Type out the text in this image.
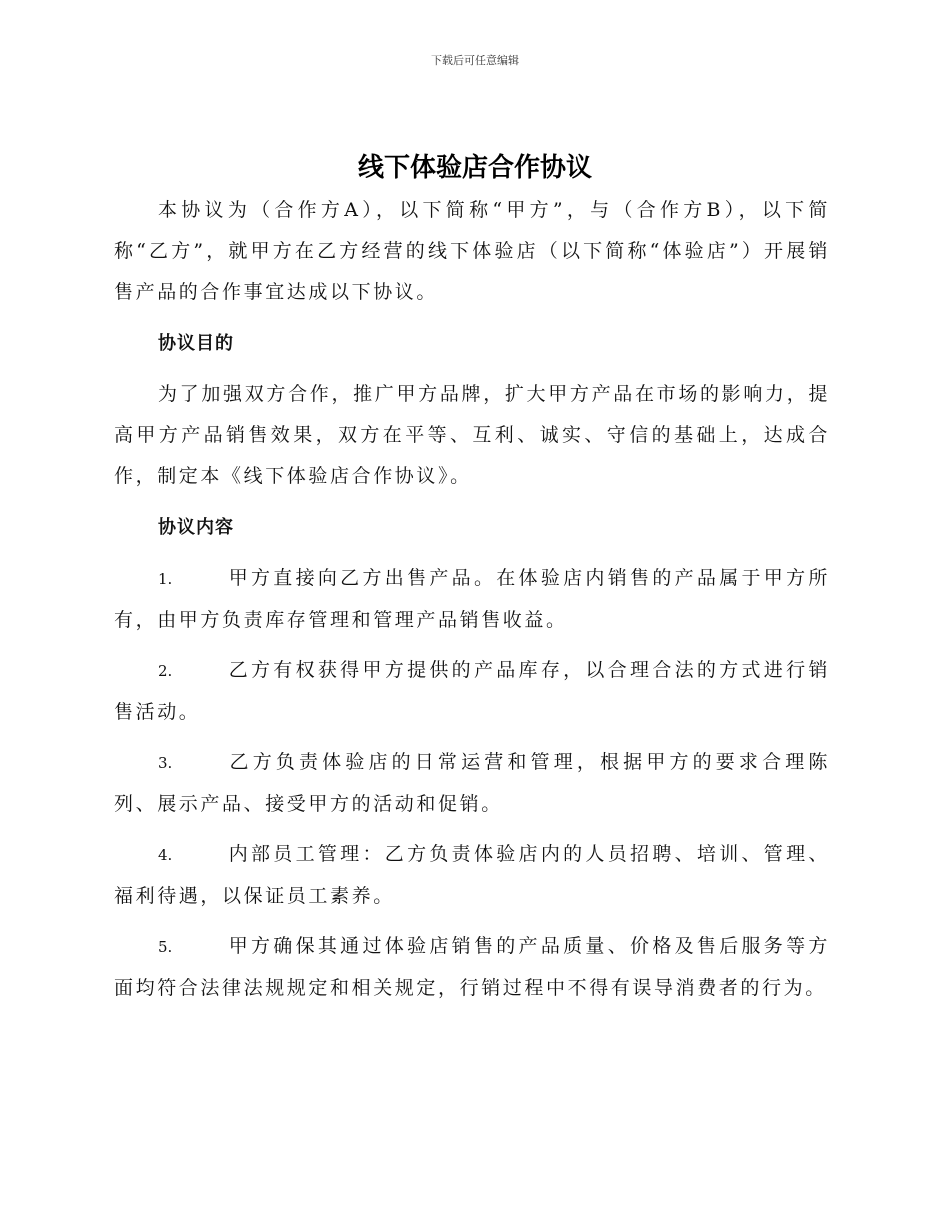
下载后可任意编辑
线下体验店合作协议

本协议为（合作方A），以下简称“甲方”，与（合作方B），以下简称“乙方”，就甲方在乙方经营的线下体验店（以下简称“体验店”）开展销售产品的合作事宜达成以下协议。

协议目的

为了加强双方合作，推广甲方品牌，扩大甲方产品在市场的影响力，提高甲方产品销售效果，双方在平等、互利、诚实、守信的基础上，达成合作，制定本《线下体验店合作协议》。

协议内容

1.	甲方直接向乙方出售产品。在体验店内销售的产品属于甲方所有，由甲方负责库存管理和管理产品销售收益。

2.	乙方有权获得甲方提供的产品库存，以合理合法的方式进行销售活动。

3.	乙方负责体验店的日常运营和管理，根据甲方的要求合理陈列、展示产品、接受甲方的活动和促销。

4.	内部员工管理：乙方负责体验店内的人员招聘、培训、管理、福利待遇，以保证员工素养。

5.	甲方确保其通过体验店销售的产品质量、价格及售后服务等方面均符合法律法规规定和相关规定，行销过程中不得有误导消费者的行为。
